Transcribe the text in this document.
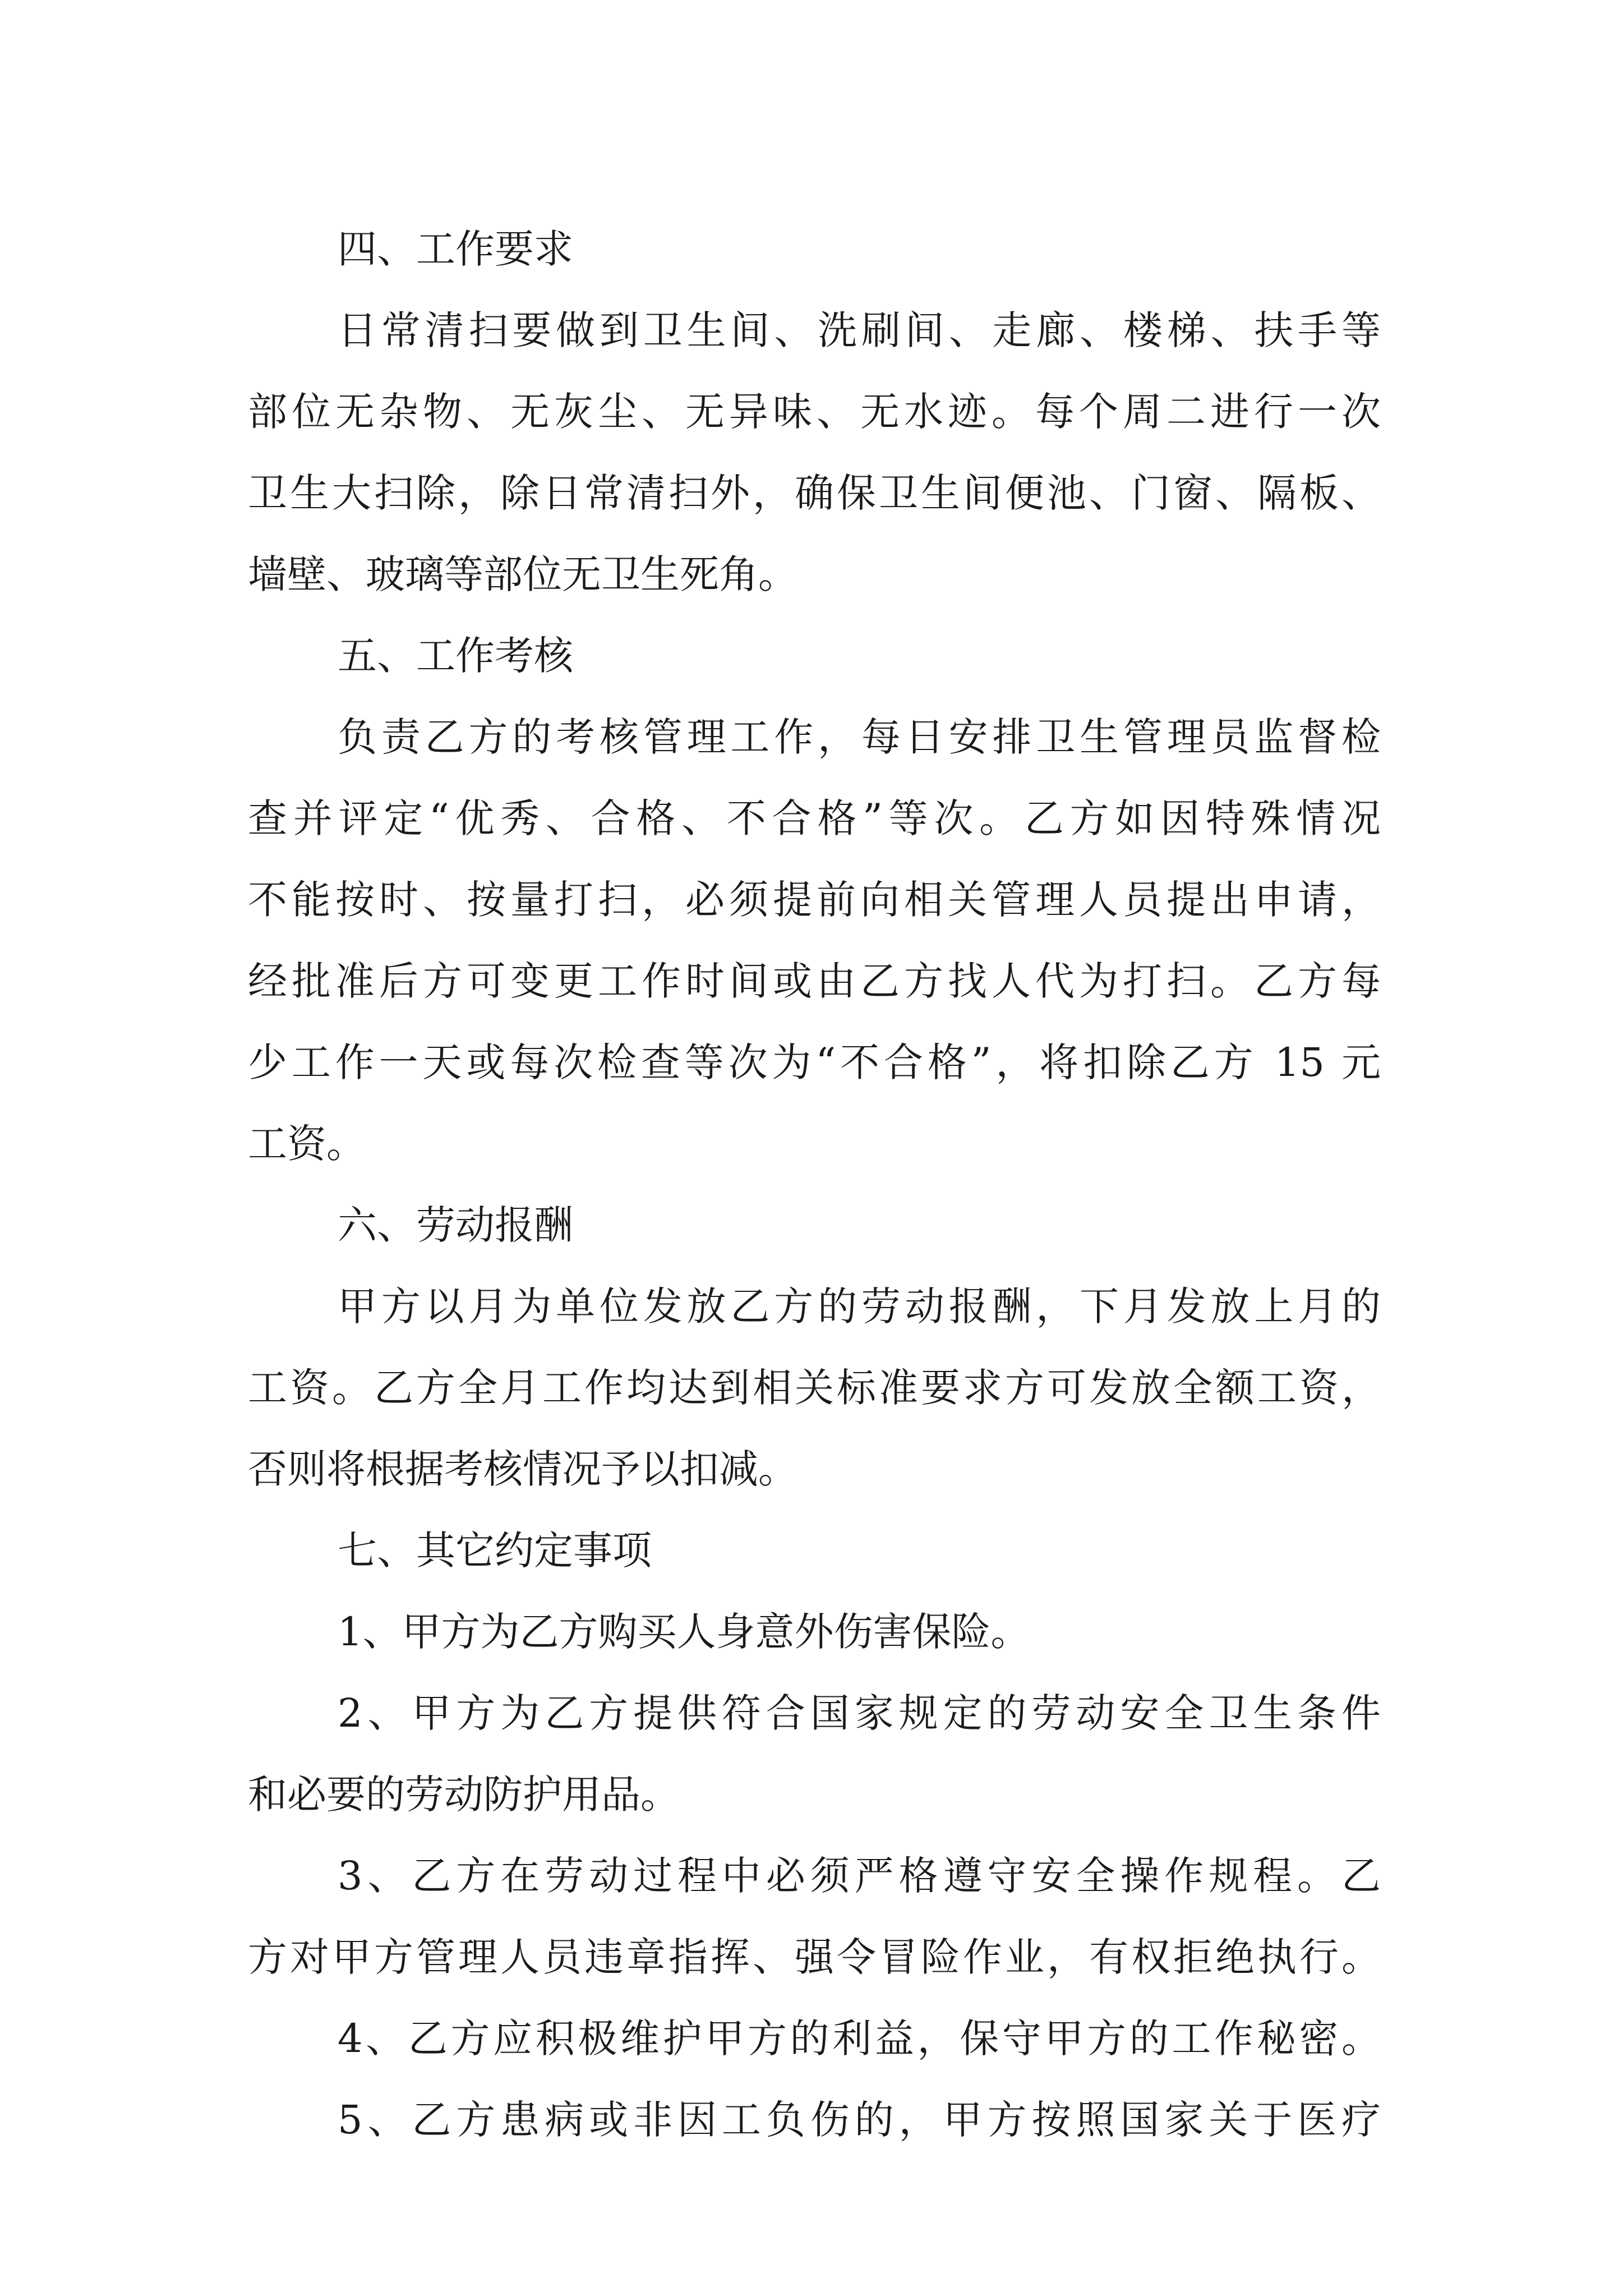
四、工作要求
日常清扫要做到卫生间、洗刷间、走廊、楼梯、扶手等
部位无杂物、无灰尘、无异味、无水迹。每个周二进行一次
卫生大扫除，除日常清扫外，确保卫生间便池、门窗、隔板、
墙壁、玻璃等部位无卫生死角。
五、工作考核
负责乙方的考核管理工作，每日安排卫生管理员监督检
查并评定“优秀、合格、不合格”等次。乙方如因特殊情况
不能按时、按量打扫，必须提前向相关管理人员提出申请，
经批准后方可变更工作时间或由乙方找人代为打扫。乙方每
少工作一天或每次检查等次为“不合格”，将扣除乙方 15 元
工资。
六、劳动报酬
甲方以月为单位发放乙方的劳动报酬，下月发放上月的
工资。乙方全月工作均达到相关标准要求方可发放全额工资，
否则将根据考核情况予以扣减。
七、其它约定事项
1、甲方为乙方购买人身意外伤害保险。
2、甲方为乙方提供符合国家规定的劳动安全卫生条件
和必要的劳动防护用品。
3、乙方在劳动过程中必须严格遵守安全操作规程。乙
方对甲方管理人员违章指挥、强令冒险作业，有权拒绝执行。
4、乙方应积极维护甲方的利益，保守甲方的工作秘密。
5、乙方患病或非因工负伤的，甲方按照国家关于医疗
